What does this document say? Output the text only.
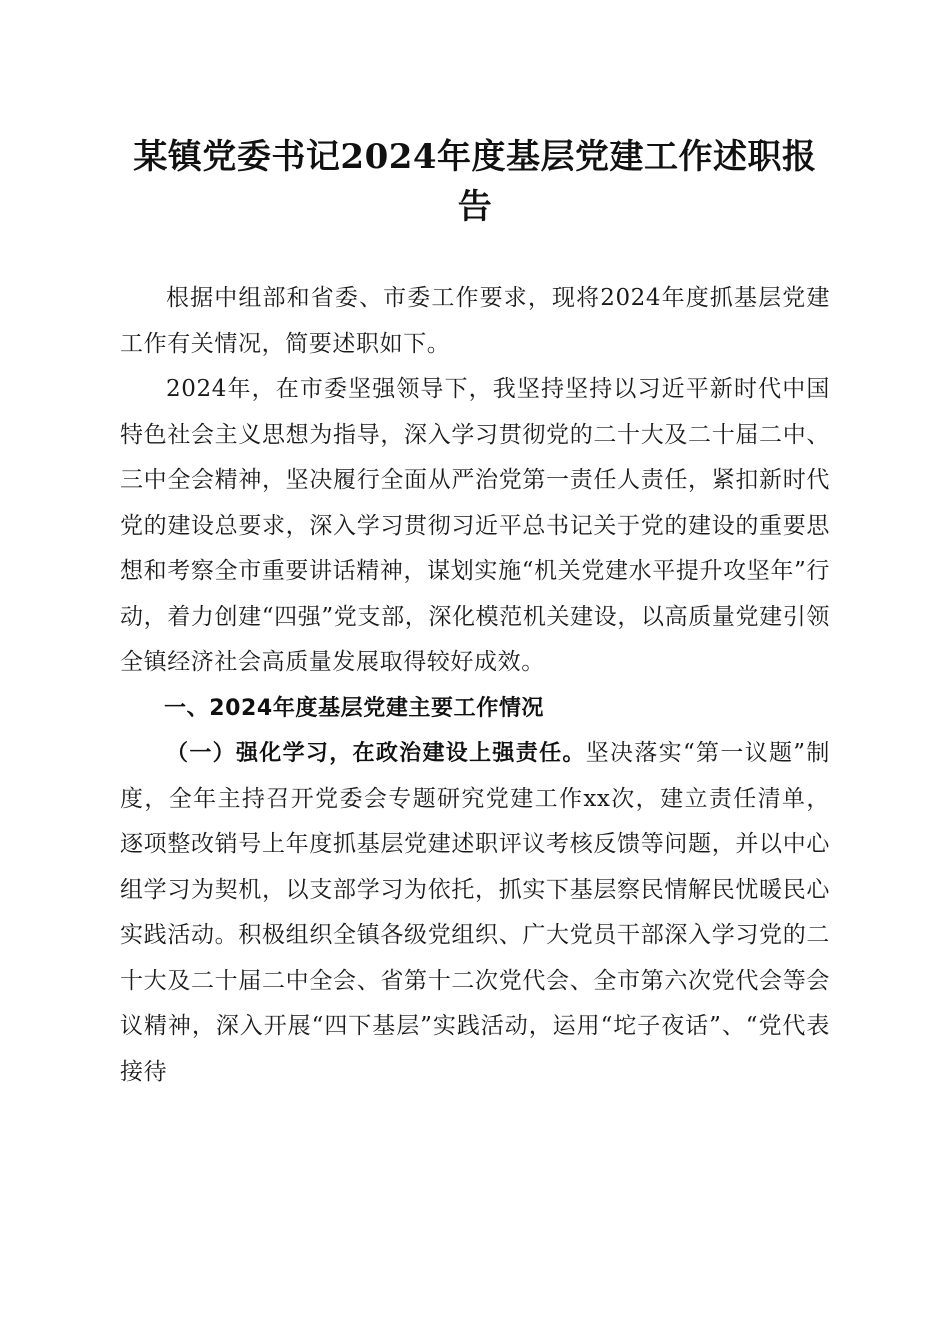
某镇党委书记2024年度基层党建工作述职报告

根据中组部和省委、市委工作要求，现将2024年度抓基层党建工作有关情况，简要述职如下。

2024年，在市委坚强领导下，我坚持坚持以习近平新时代中国特色社会主义思想为指导，深入学习贯彻党的二十大及二十届二中、三中全会精神，坚决履行全面从严治党第一责任人责任，紧扣新时代党的建设总要求，深入学习贯彻习近平总书记关于党的建设的重要思想和考察全市重要讲话精神，谋划实施“机关党建水平提升攻坚年”行动，着力创建“四强”党支部，深化模范机关建设，以高质量党建引领全镇经济社会高质量发展取得较好成效。

一、2024年度基层党建主要工作情况

（一）强化学习，在政治建设上强责任。坚决落实“第一议题”制度，全年主持召开党委会专题研究党建工作xx次，建立责任清单，逐项整改销号上年度抓基层党建述职评议考核反馈等问题，并以中心组学习为契机，以支部学习为依托，抓实下基层察民情解民忧暖民心实践活动。积极组织全镇各级党组织、广大党员干部深入学习党的二十大及二十届二中全会、省第十二次党代会、全市第六次党代会等会议精神，深入开展“四下基层”实践活动，运用“坨子夜话”、“党代表接待
